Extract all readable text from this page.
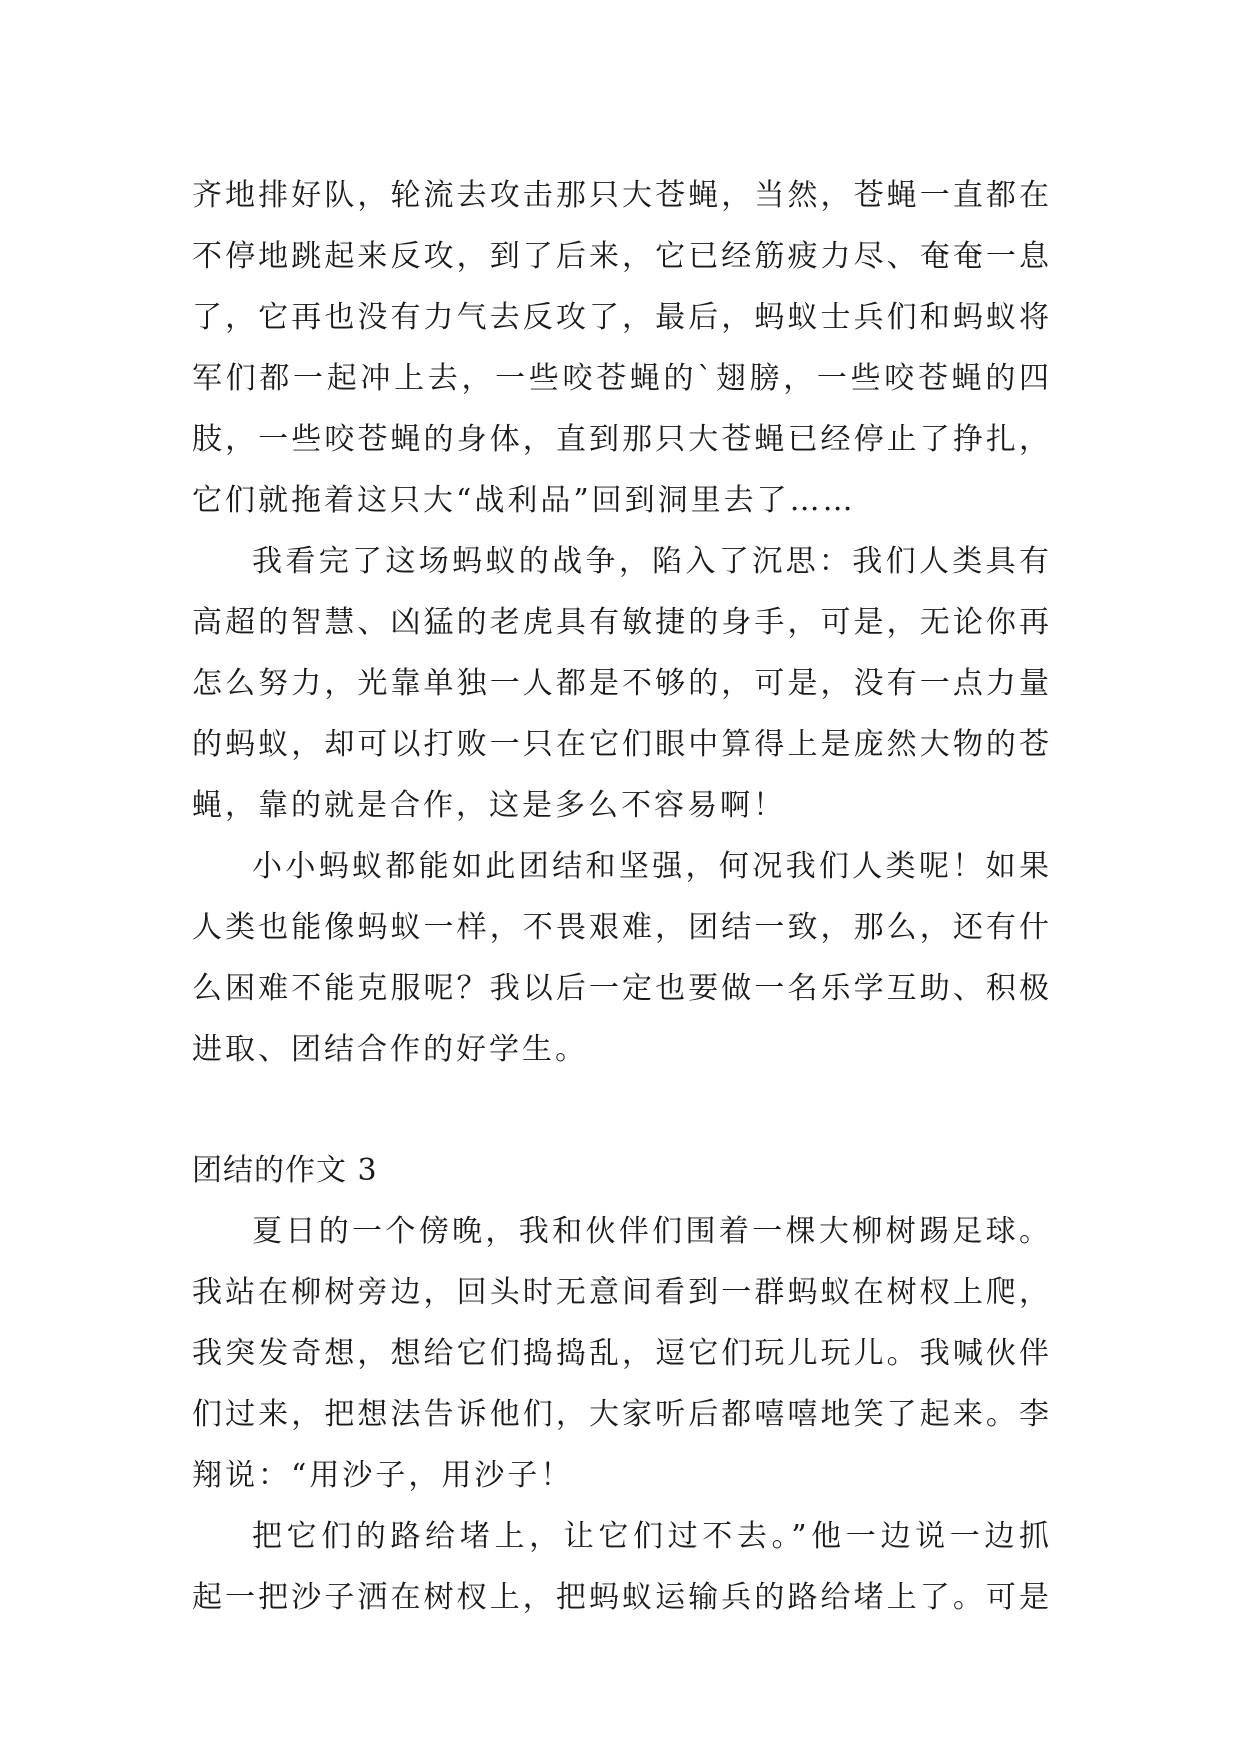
齐地排好队，轮流去攻击那只大苍蝇，当然，苍蝇一直都在
不停地跳起来反攻，到了后来，它已经筋疲力尽、奄奄一息
了，它再也没有力气去反攻了，最后，蚂蚁士兵们和蚂蚁将
军们都一起冲上去，一些咬苍蝇的`翅膀，一些咬苍蝇的四
肢，一些咬苍蝇的身体，直到那只大苍蝇已经停止了挣扎，
它们就拖着这只大“战利品”回到洞里去了……
我看完了这场蚂蚁的战争，陷入了沉思：我们人类具有
高超的智慧、凶猛的老虎具有敏捷的身手，可是，无论你再
怎么努力，光靠单独一人都是不够的，可是，没有一点力量
的蚂蚁，却可以打败一只在它们眼中算得上是庞然大物的苍
蝇，靠的就是合作，这是多么不容易啊！
小小蚂蚁都能如此团结和坚强，何况我们人类呢！如果
人类也能像蚂蚁一样，不畏艰难，团结一致，那么，还有什
么困难不能克服呢？我以后一定也要做一名乐学互助、积极
进取、团结合作的好学生。
团结的作文 3
夏日的一个傍晚，我和伙伴们围着一棵大柳树踢足球。
我站在柳树旁边，回头时无意间看到一群蚂蚁在树杈上爬，
我突发奇想，想给它们捣捣乱，逗它们玩儿玩儿。我喊伙伴
们过来，把想法告诉他们，大家听后都嘻嘻地笑了起来。李
翔说：“用沙子，用沙子！
把它们的路给堵上，让它们过不去。”他一边说一边抓
起一把沙子洒在树杈上，把蚂蚁运输兵的路给堵上了。可是
